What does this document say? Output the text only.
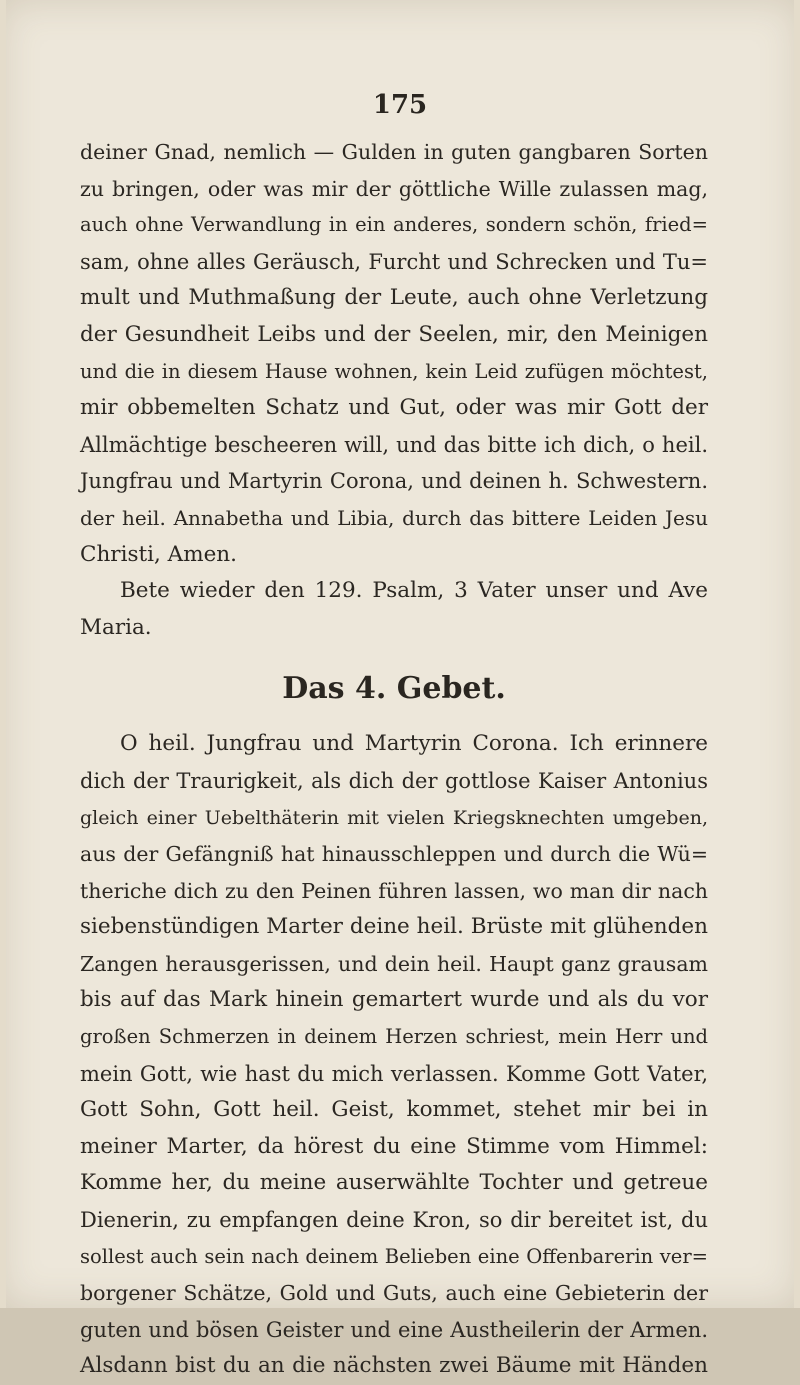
175
deiner Gnad, nemlich — Gulden in guten gangbaren Sorten
zu bringen, oder was mir der göttliche Wille zulassen mag,
auch ohne Verwandlung in ein anderes, sondern schön, fried=
sam, ohne alles Geräusch, Furcht und Schrecken und Tu=
mult und Muthmaßung der Leute, auch ohne Verletzung
der Gesundheit Leibs und der Seelen, mir, den Meinigen
und die in diesem Hause wohnen, kein Leid zufügen möchtest,
mir obbemelten Schatz und Gut, oder was mir Gott der
Allmächtige bescheeren will, und das bitte ich dich, o heil.
Jungfrau und Martyrin Corona, und deinen h. Schwestern.
der heil. Annabetha und Libia, durch das bittere Leiden Jesu
Christi, Amen.
Bete wieder den 129. Psalm, 3 Vater unser und Ave
Maria.
Das 4. Gebet.
O heil. Jungfrau und Martyrin Corona. Ich erinnere
dich der Traurigkeit, als dich der gottlose Kaiser Antonius
gleich einer Uebelthäterin mit vielen Kriegsknechten umgeben,
aus der Gefängniß hat hinausschleppen und durch die Wü=
theriche dich zu den Peinen führen lassen, wo man dir nach
siebenstündigen Marter deine heil. Brüste mit glühenden
Zangen herausgerissen, und dein heil. Haupt ganz grausam
bis auf das Mark hinein gemartert wurde und als du vor
großen Schmerzen in deinem Herzen schriest, mein Herr und
mein Gott, wie hast du mich verlassen. Komme Gott Vater,
Gott Sohn, Gott heil. Geist, kommet, stehet mir bei in
meiner Marter, da hörest du eine Stimme vom Himmel:
Komme her, du meine auserwählte Tochter und getreue
Dienerin, zu empfangen deine Kron, so dir bereitet ist, du
sollest auch sein nach deinem Belieben eine Offenbarerin ver=
borgener Schätze, Gold und Guts, auch eine Gebieterin der
guten und bösen Geister und eine Austheilerin der Armen.
Alsdann bist du an die nächsten zwei Bäume mit Händen
